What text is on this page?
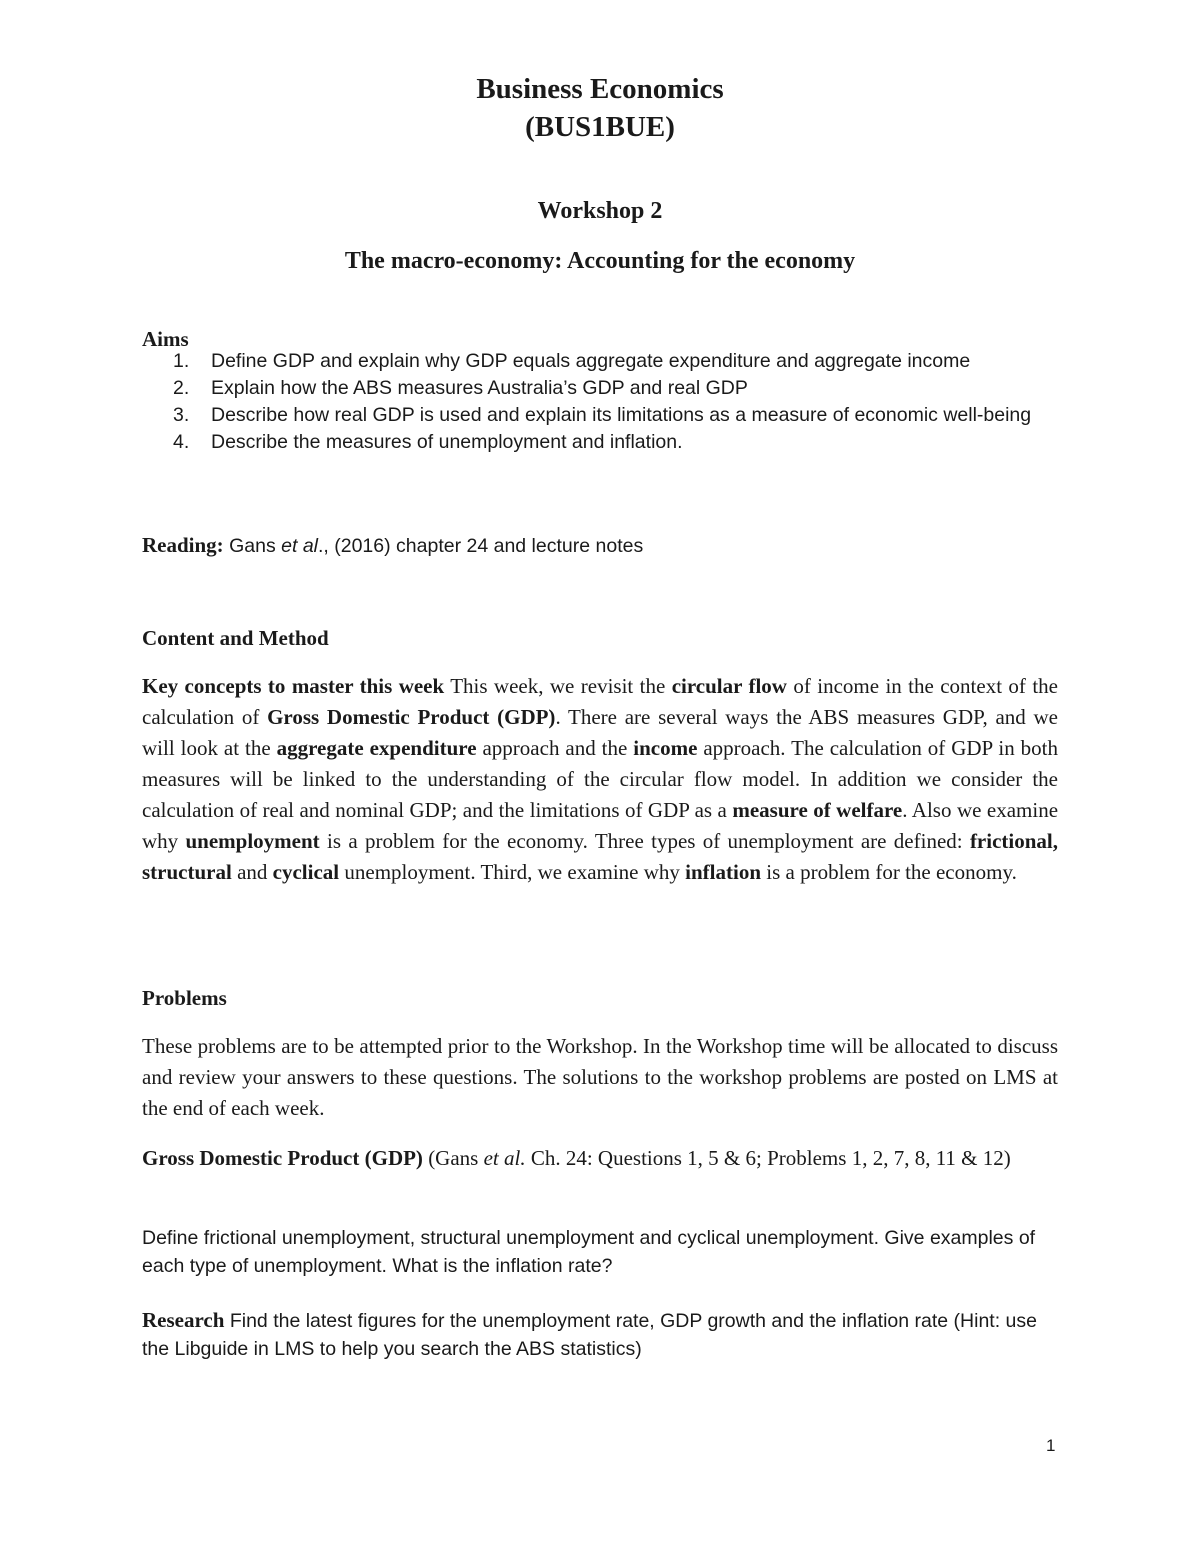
Business Economics
(BUS1BUE)
Workshop 2
The macro-economy: Accounting for the economy
Aims
1. Define GDP and explain why GDP equals aggregate expenditure and aggregate income
2. Explain how the ABS measures Australia’s GDP and real GDP
3. Describe how real GDP is used and explain its limitations as a measure of economic well-being
4. Describe the measures of unemployment and inflation.
Reading: Gans et al., (2016) chapter 24 and lecture notes
Content and Method
Key concepts to master this week This week, we revisit the circular flow of income in the context of the calculation of Gross Domestic Product (GDP). There are several ways the ABS measures GDP, and we will look at the aggregate expenditure approach and the income approach. The calculation of GDP in both measures will be linked to the understanding of the circular flow model. In addition we consider the calculation of real and nominal GDP; and the limitations of GDP as a measure of welfare. Also we examine why unemployment is a problem for the economy. Three types of unemployment are defined: frictional, structural and cyclical unemployment. Third, we examine why inflation is a problem for the economy.
Problems
These problems are to be attempted prior to the Workshop. In the Workshop time will be allocated to discuss and review your answers to these questions. The solutions to the workshop problems are posted on LMS at the end of each week.
Gross Domestic Product (GDP) (Gans et al. Ch. 24: Questions 1, 5 & 6; Problems 1, 2, 7, 8, 11 & 12)
Define frictional unemployment, structural unemployment and cyclical unemployment. Give examples of each type of unemployment. What is the inflation rate?
Research Find the latest figures for the unemployment rate, GDP growth and the inflation rate (Hint: use the Libguide in LMS to help you search the ABS statistics)
1
